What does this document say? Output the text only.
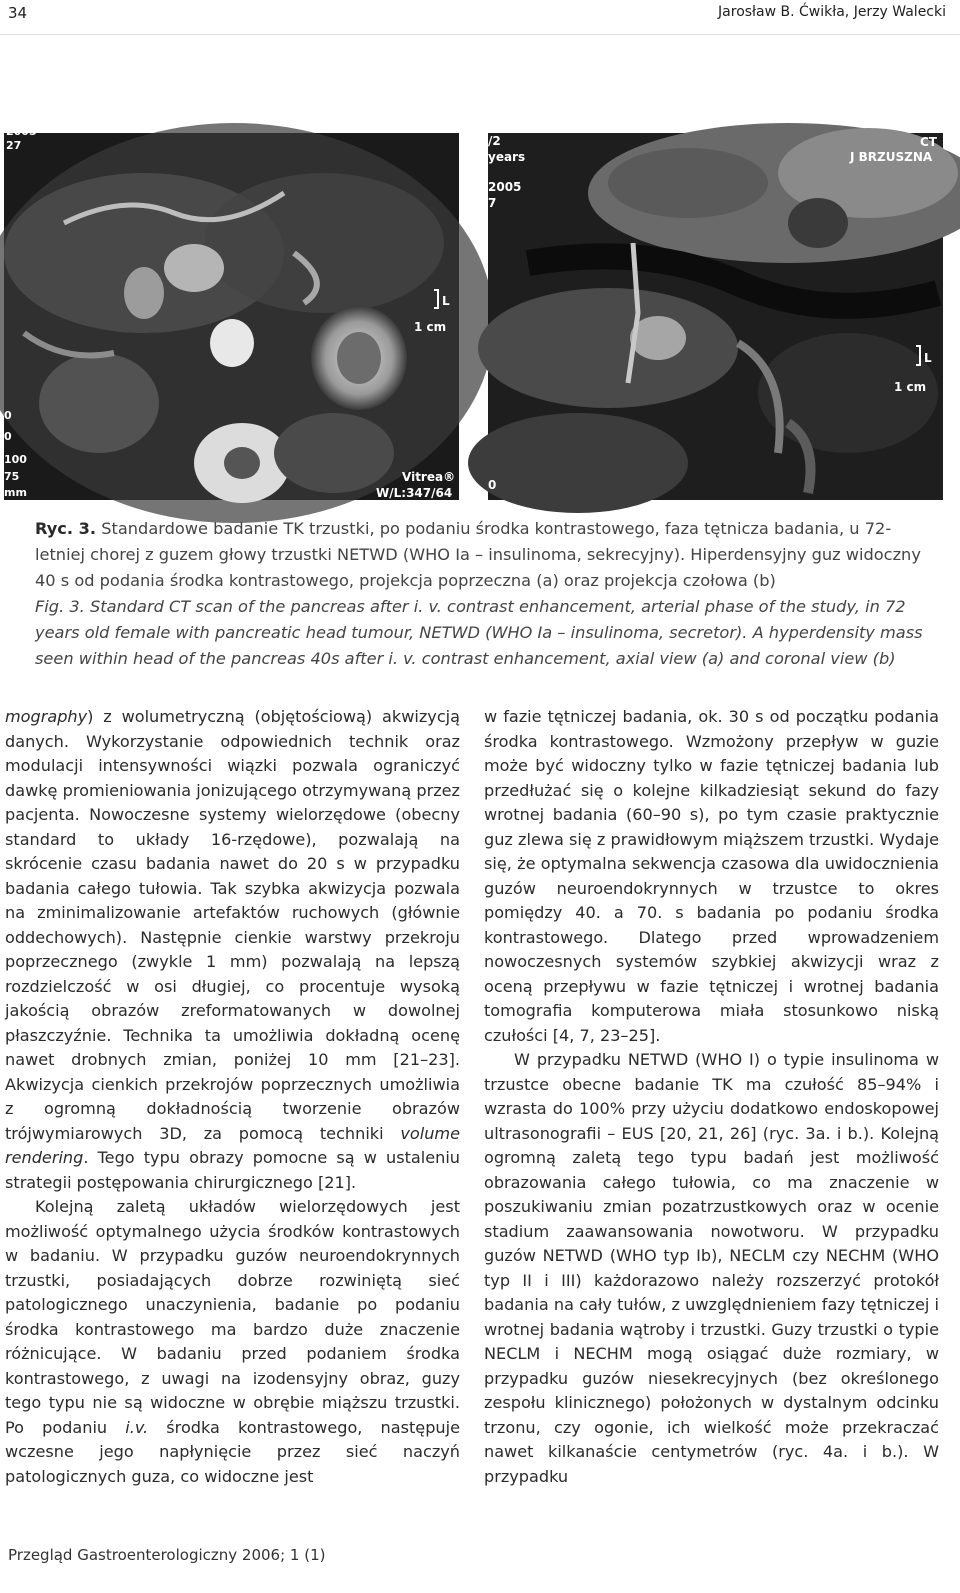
34	Jarosław B. Ćwikła, Jerzy Walecki
L
1 cm
2005
27
0
0
100
75
mm
Vitrea®
W/L:347/64
L
1 cm
/2
years
2005
7
CT
J BRZUSZNA
0
Ryc. 3. Standardowe badanie TK trzustki, po podaniu środka kontrastowego, faza tętnicza badania, u 72-letniej chorej z guzem głowy trzustki NETWD (WHO Ia – insulinoma, sekrecyjny). Hiperdensyjny guz widoczny 40 s od podania środka kontrastowego, projekcja poprzeczna (a) oraz projekcja czołowa (b)
Fig. 3. Standard CT scan of the pancreas after i. v. contrast enhancement, arterial phase of the study, in 72 years old female with pancreatic head tumour, NETWD (WHO Ia – insulinoma, secretor). A hyperdensity mass seen within head of the pancreas 40s after i. v. contrast enhancement, axial view (a) and coronal view (b)

mography) z wolumetryczną (objętościową) akwizycją danych. Wykorzystanie odpowiednich technik oraz modulacji intensywności wiązki pozwala ograniczyć dawkę promieniowania jonizującego otrzymywaną przez pacjenta. Nowoczesne systemy wielorzędowe (obecny standard to układy 16-rzędowe), pozwalają na skrócenie czasu badania nawet do 20 s w przypadku badania całego tułowia. Tak szybka akwizycja pozwala na zminimalizowanie artefaktów ruchowych (głównie oddechowych). Następnie cienkie warstwy przekroju poprzecznego (zwykle 1 mm) pozwalają na lepszą rozdzielczość w osi długiej, co procentuje wysoką jakością obrazów zreformatowanych w dowolnej płaszczyźnie. Technika ta umożliwia dokładną ocenę nawet drobnych zmian, poniżej 10 mm [21–23]. Akwizycja cienkich przekrojów poprzecznych umożliwia z ogromną dokładnością tworzenie obrazów trójwymiarowych 3D, za pomocą techniki volume rendering. Tego typu obrazy pomocne są w ustaleniu strategii postępowania chirurgicznego [21].

Kolejną zaletą układów wielorzędowych jest możliwość optymalnego użycia środków kontrastowych w badaniu. W przypadku guzów neuroendokrynnych trzustki, posiadających dobrze rozwiniętą sieć patologicznego unaczynienia, badanie po podaniu środka kontrastowego ma bardzo duże znaczenie różnicujące. W badaniu przed podaniem środka kontrastowego, z uwagi na izodensyjny obraz, guzy tego typu nie są widoczne w obrębie miąższu trzustki. Po podaniu i.v. środka kontrastowego, następuje wczesne jego napłynięcie przez sieć naczyń patologicznych guza, co widoczne jest

w fazie tętniczej badania, ok. 30 s od początku podania środka kontrastowego. Wzmożony przepływ w guzie może być widoczny tylko w fazie tętniczej badania lub przedłużać się o kolejne kilkadziesiąt sekund do fazy wrotnej badania (60–90 s), po tym czasie praktycznie guz zlewa się z prawidłowym miąższem trzustki. Wydaje się, że optymalna sekwencja czasowa dla uwidocznienia guzów neuroendokrynnych w trzustce to okres pomiędzy 40. a 70. s badania po podaniu środka kontrastowego. Dlatego przed wprowadzeniem nowoczesnych systemów szybkiej akwizycji wraz z oceną przepływu w fazie tętniczej i wrotnej badania tomografia komputerowa miała stosunkowo niską czułości [4, 7, 23–25].

W przypadku NETWD (WHO I) o typie insulinoma w trzustce obecne badanie TK ma czułość 85–94% i wzrasta do 100% przy użyciu dodatkowo endoskopowej ultrasonografii – EUS [20, 21, 26] (ryc. 3a. i b.). Kolejną ogromną zaletą tego typu badań jest możliwość obrazowania całego tułowia, co ma znaczenie w poszukiwaniu zmian pozatrzustkowych oraz w ocenie stadium zaawansowania nowotworu. W przypadku guzów NETWD (WHO typ Ib), NECLM czy NECHM (WHO typ II i III) każdorazowo należy rozszerzyć protokół badania na cały tułów, z uwzględnieniem fazy tętniczej i wrotnej badania wątroby i trzustki. Guzy trzustki o typie NECLM i NECHM mogą osiągać duże rozmiary, w przypadku guzów niesekrecyjnych (bez określonego zespołu klinicznego) położonych w dystalnym odcinku trzonu, czy ogonie, ich wielkość może przekraczać nawet kilkanaście centymetrów (ryc. 4a. i b.). W przypadku

Przegląd Gastroenterologiczny 2006; 1 (1)
